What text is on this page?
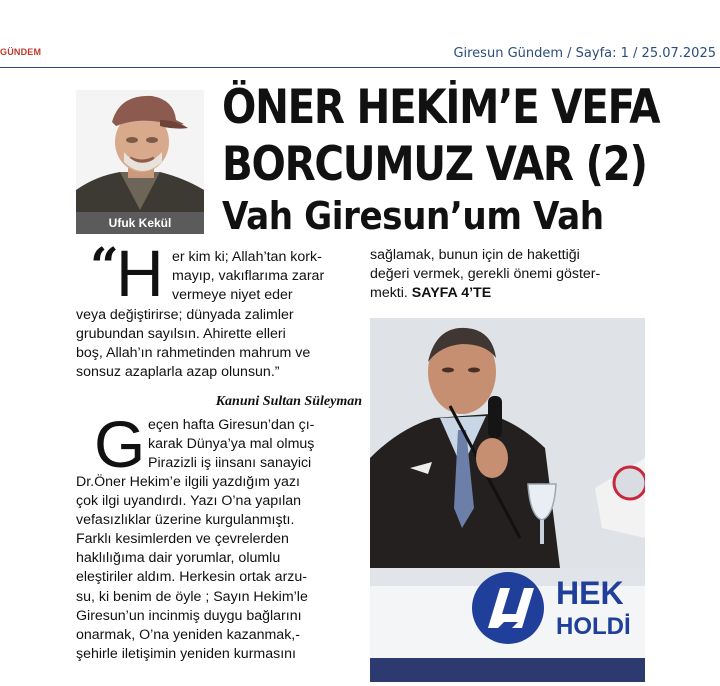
GÜNDEM	Giresun Gündem / Sayfa: 1 / 25.07.2025
Ufuk Kekül
ÖNER HEKİM’E VEFA
BORCUMUZ VAR (2)
Vah Giresun’um Vah
“
H er kim ki; Allah’tan kork-
mayıp, vakıflarıma zarar
vermeye niyet eder
veya değiştirirse; dünyada zalimler
grubundan sayılsın. Ahirette elleri
boş, Allah’ın rahmetinden mahrum ve
sonsuz azaplarla azap olunsun.”
Kanuni Sultan Süleyman
G eçen hafta Giresun’dan çı-
karak Dünya’ya mal olmuş
Pirazizli iş iinsanı sanayici
Dr.Öner Hekim’e ilgili yazdığım yazı
çok ilgi uyandırdı. Yazı O’na yapılan
vefasızlıklar üzerine kurgulanmıştı.
Farklı kesimlerden ve çevrelerden
haklılığıma dair yorumlar, olumlu
eleştiriler aldım. Herkesin ortak arzu-
su, ki benim de öyle ; Sayın Hekim’le
Giresun’un incinmiş duygu bağlarını
onarmak, O’na yeniden kazanmak,-
şehirle iletişimin yeniden kurmasını
sağlamak, bunun için de hakettiği
değeri vermek, gerekli önemi göster-
mekti. SAYFA 4’TE
HEK
HOLDİ
